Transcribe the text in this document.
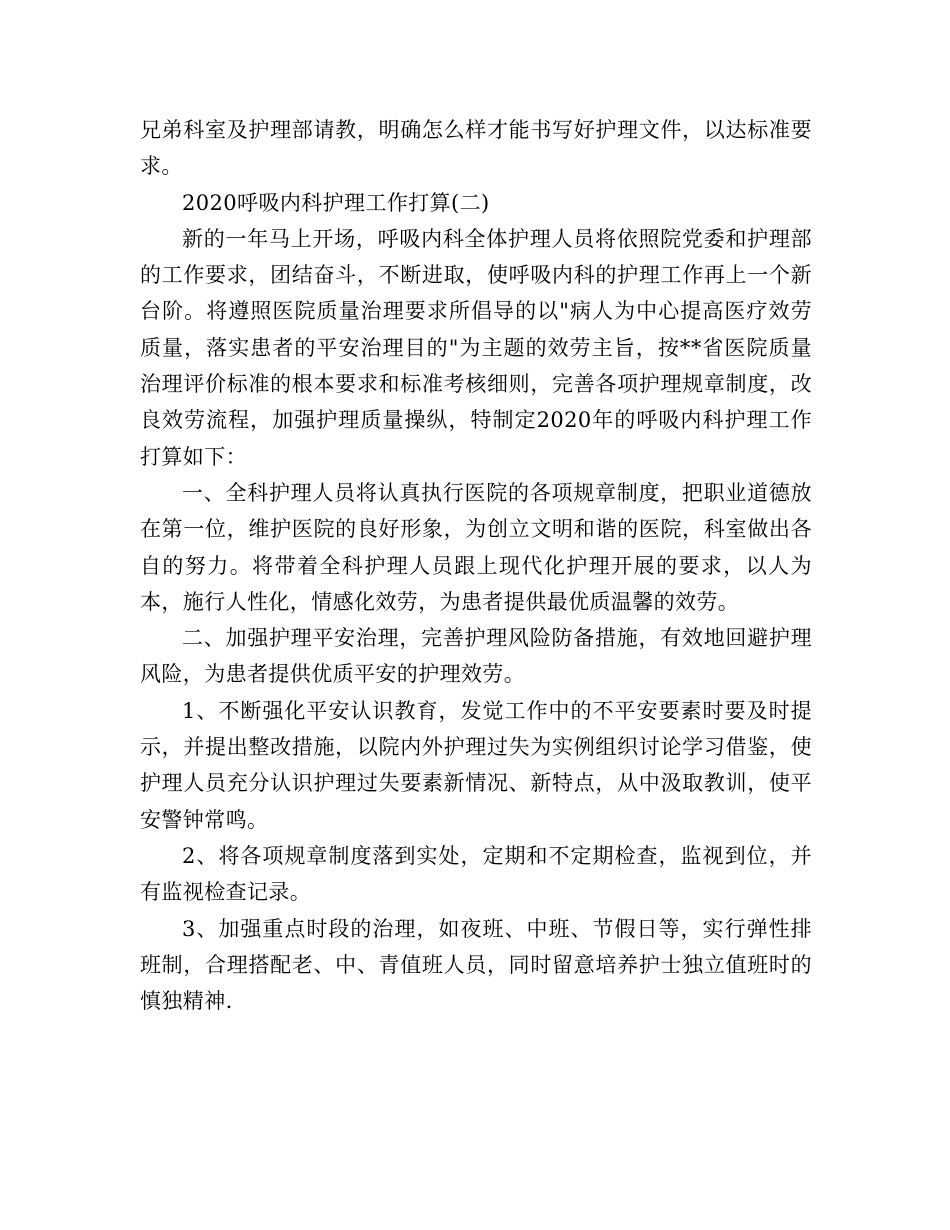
兄弟科室及护理部请教，明确怎么样才能书写好护理文件，以达标准要求。

2020呼吸内科护理工作打算(二)

新的一年马上开场，呼吸内科全体护理人员将依照院党委和护理部的工作要求，团结奋斗，不断进取，使呼吸内科的护理工作再上一个新台阶。将遵照医院质量治理要求所倡导的以"病人为中心提高医疗效劳质量，落实患者的平安治理目的"为主题的效劳主旨，按**省医院质量治理评价标准的根本要求和标准考核细则，完善各项护理规章制度，改良效劳流程，加强护理质量操纵，特制定2020年的呼吸内科护理工作打算如下：

一、全科护理人员将认真执行医院的各项规章制度，把职业道德放在第一位，维护医院的良好形象，为创立文明和谐的医院，科室做出各自的努力。将带着全科护理人员跟上现代化护理开展的要求，以人为本，施行人性化，情感化效劳，为患者提供最优质温馨的效劳。

二、加强护理平安治理，完善护理风险防备措施，有效地回避护理风险，为患者提供优质平安的护理效劳。

1、不断强化平安认识教育，发觉工作中的不平安要素时要及时提示，并提出整改措施，以院内外护理过失为实例组织讨论学习借鉴，使护理人员充分认识护理过失要素新情况、新特点，从中汲取教训，使平安警钟常鸣。

2、将各项规章制度落到实处，定期和不定期检查，监视到位，并有监视检查记录。

3、加强重点时段的治理，如夜班、中班、节假日等，实行弹性排班制，合理搭配老、中、青值班人员，同时留意培养护士独立值班时的慎独精神.
